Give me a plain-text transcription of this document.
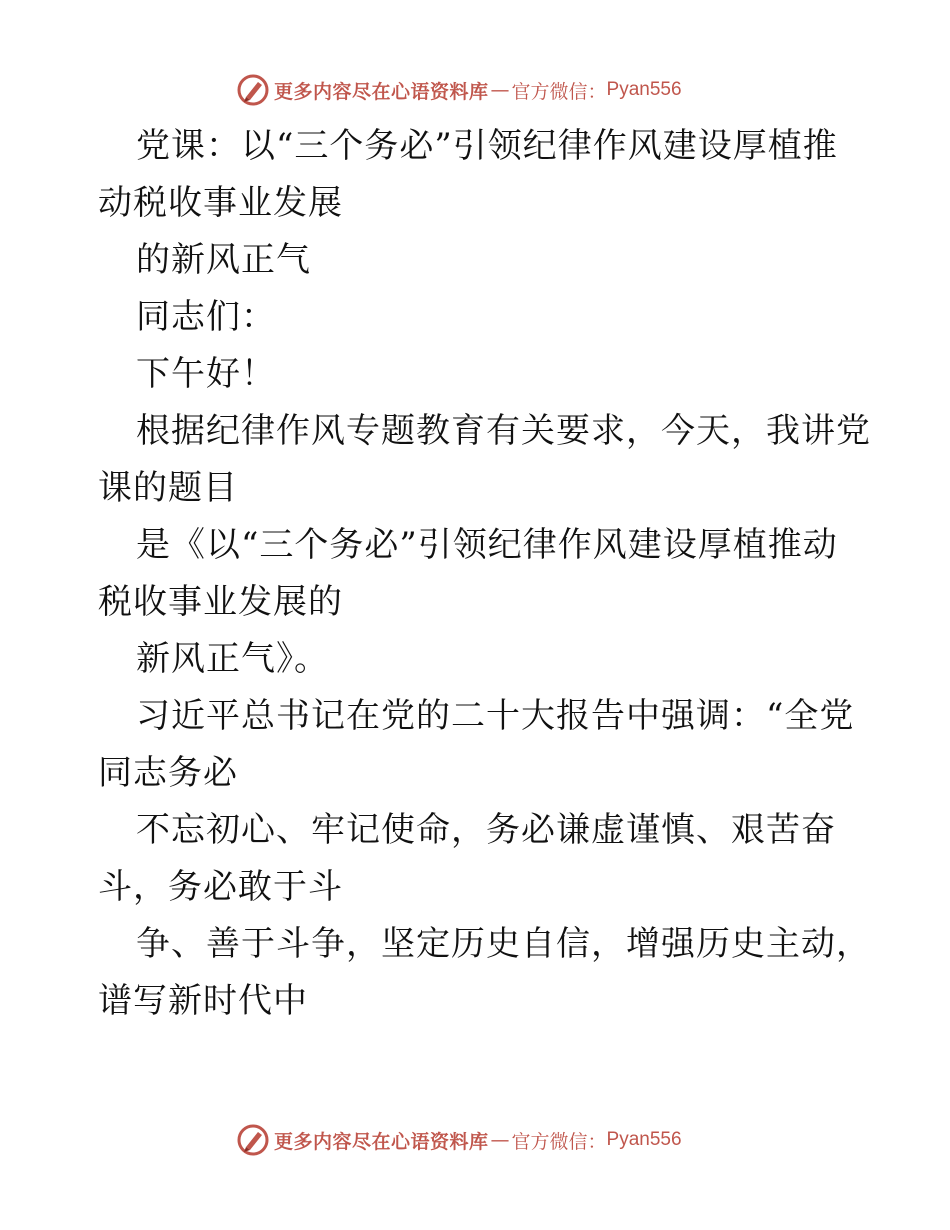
更多内容尽在心语资料库 — 官方微信： Pyan556

党课：以“三个务必”引领纪律作风建设厚植推
动税收事业发展

的新风正气

同志们：

下午好！

根据纪律作风专题教育有关要求，今天，我讲党
课的题目

是《以“三个务必”引领纪律作风建设厚植推动
税收事业发展的

新风正气》。

习近平总书记在党的二十大报告中强调：“全党
同志务必

不忘初心、牢记使命，务必谦虚谨慎、艰苦奋
斗，务必敢于斗

争、善于斗争，坚定历史自信，增强历史主动，
谱写新时代中

更多内容尽在心语资料库 — 官方微信： Pyan556
